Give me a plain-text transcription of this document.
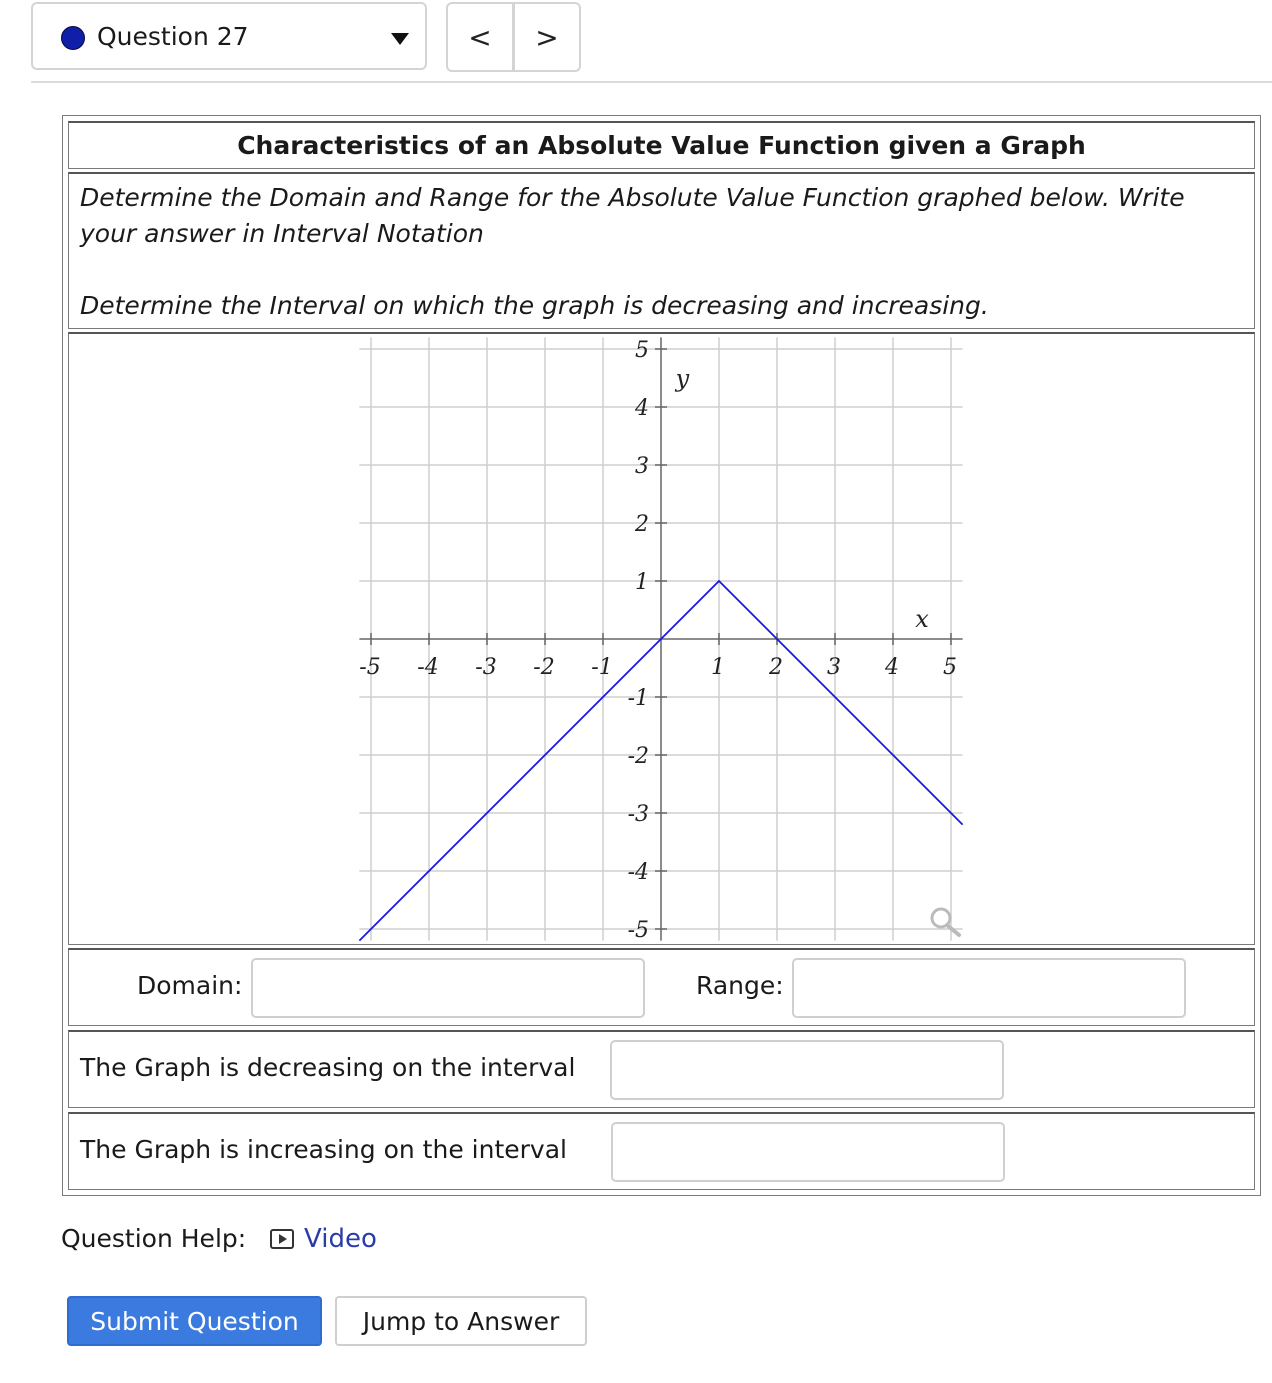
Question 27	<	>
Characteristics of an Absolute Value Function given a Graph

Determine the Domain and Range for the Absolute Value Function graphed below. Write

your answer in Interval Notation

Determine the Interval on which the graph is decreasing and increasing.

-5 -4 -3 -2 -1	1 2 3 4 5
5
4
3
2
1
-1
-2
-3
-4
-5
x
y
Domain:	Range:
The Graph is decreasing on the interval
The Graph is increasing on the interval
Question Help: Video
Submit Question	Jump to Answer
